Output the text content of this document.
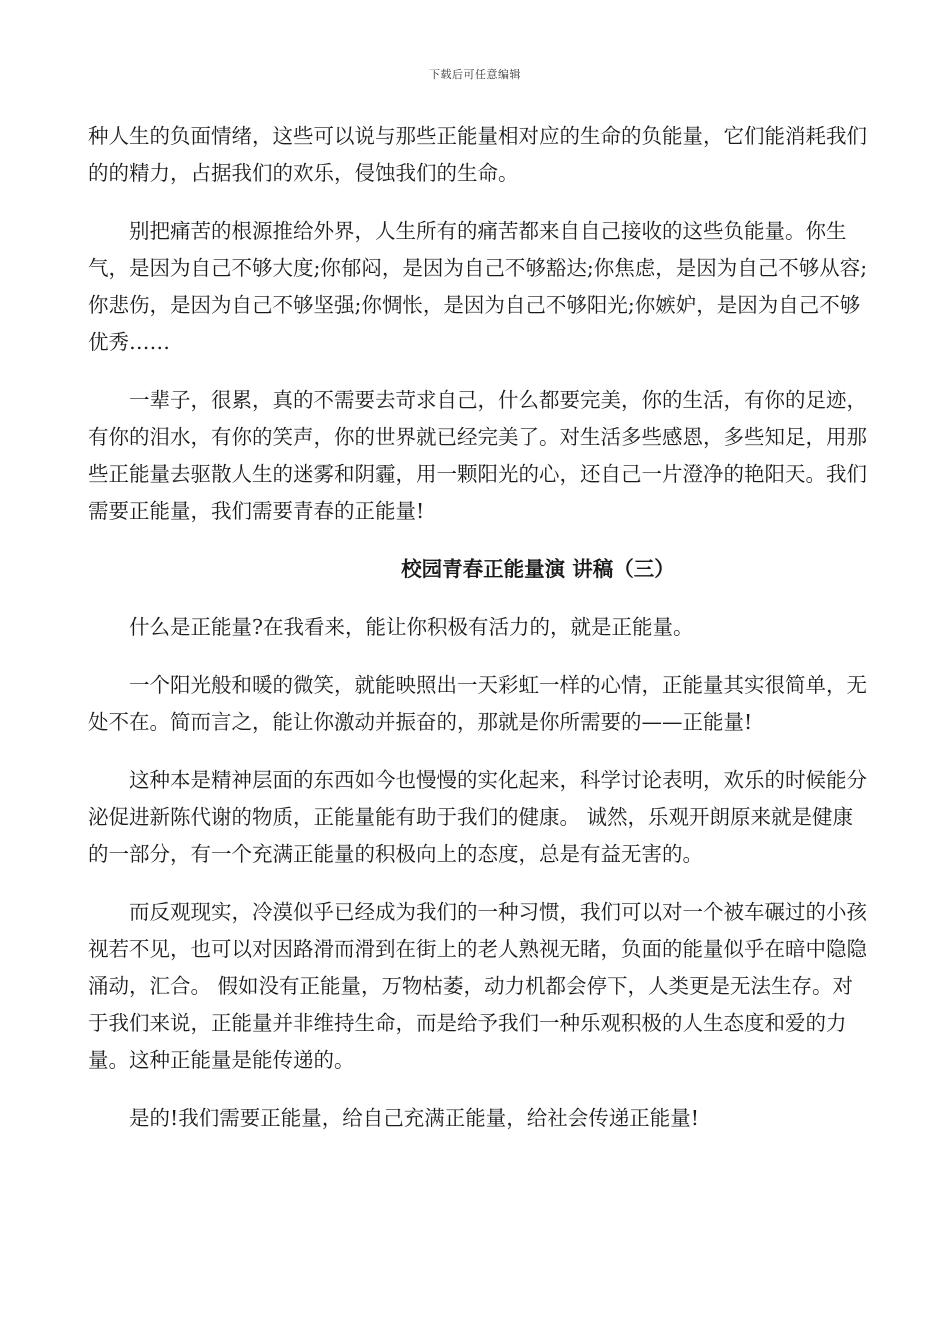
下载后可任意编辑

种人生的负面情绪，这些可以说与那些正能量相对应的生命的负能量，它们能消耗我们的的精力，占据我们的欢乐，侵蚀我们的生命。

别把痛苦的根源推给外界，人生所有的痛苦都来自自己接收的这些负能量。你生气，是因为自己不够大度;你郁闷，是因为自己不够豁达;你焦虑，是因为自己不够从容;你悲伤，是因为自己不够坚强;你惆怅，是因为自己不够阳光;你嫉妒，是因为自己不够优秀……

一辈子，很累，真的不需要去苛求自己，什么都要完美，你的生活，有你的足迹，有你的泪水，有你的笑声，你的世界就已经完美了。对生活多些感恩，多些知足，用那些正能量去驱散人生的迷雾和阴霾，用一颗阳光的心，还自己一片澄净的艳阳天。我们需要正能量，我们需要青春的正能量!

校园青春正能量演 讲稿（三）

什么是正能量?在我看来，能让你积极有活力的，就是正能量。

一个阳光般和暖的微笑，就能映照出一天彩虹一样的心情，正能量其实很简单，无处不在。简而言之，能让你激动并振奋的，那就是你所需要的——正能量!

这种本是精神层面的东西如今也慢慢的实化起来，科学讨论表明，欢乐的时候能分泌促进新陈代谢的物质，正能量能有助于我们的健康。 诚然，乐观开朗原来就是健康的一部分，有一个充满正能量的积极向上的态度，总是有益无害的。

而反观现实，冷漠似乎已经成为我们的一种习惯，我们可以对一个被车碾过的小孩视若不见，也可以对因路滑而滑到在街上的老人熟视无睹，负面的能量似乎在暗中隐隐涌动，汇合。 假如没有正能量，万物枯萎，动力机都会停下，人类更是无法生存。对于我们来说，正能量并非维持生命，而是给予我们一种乐观积极的人生态度和爱的力量。这种正能量是能传递的。

是的!我们需要正能量，给自己充满正能量，给社会传递正能量!
